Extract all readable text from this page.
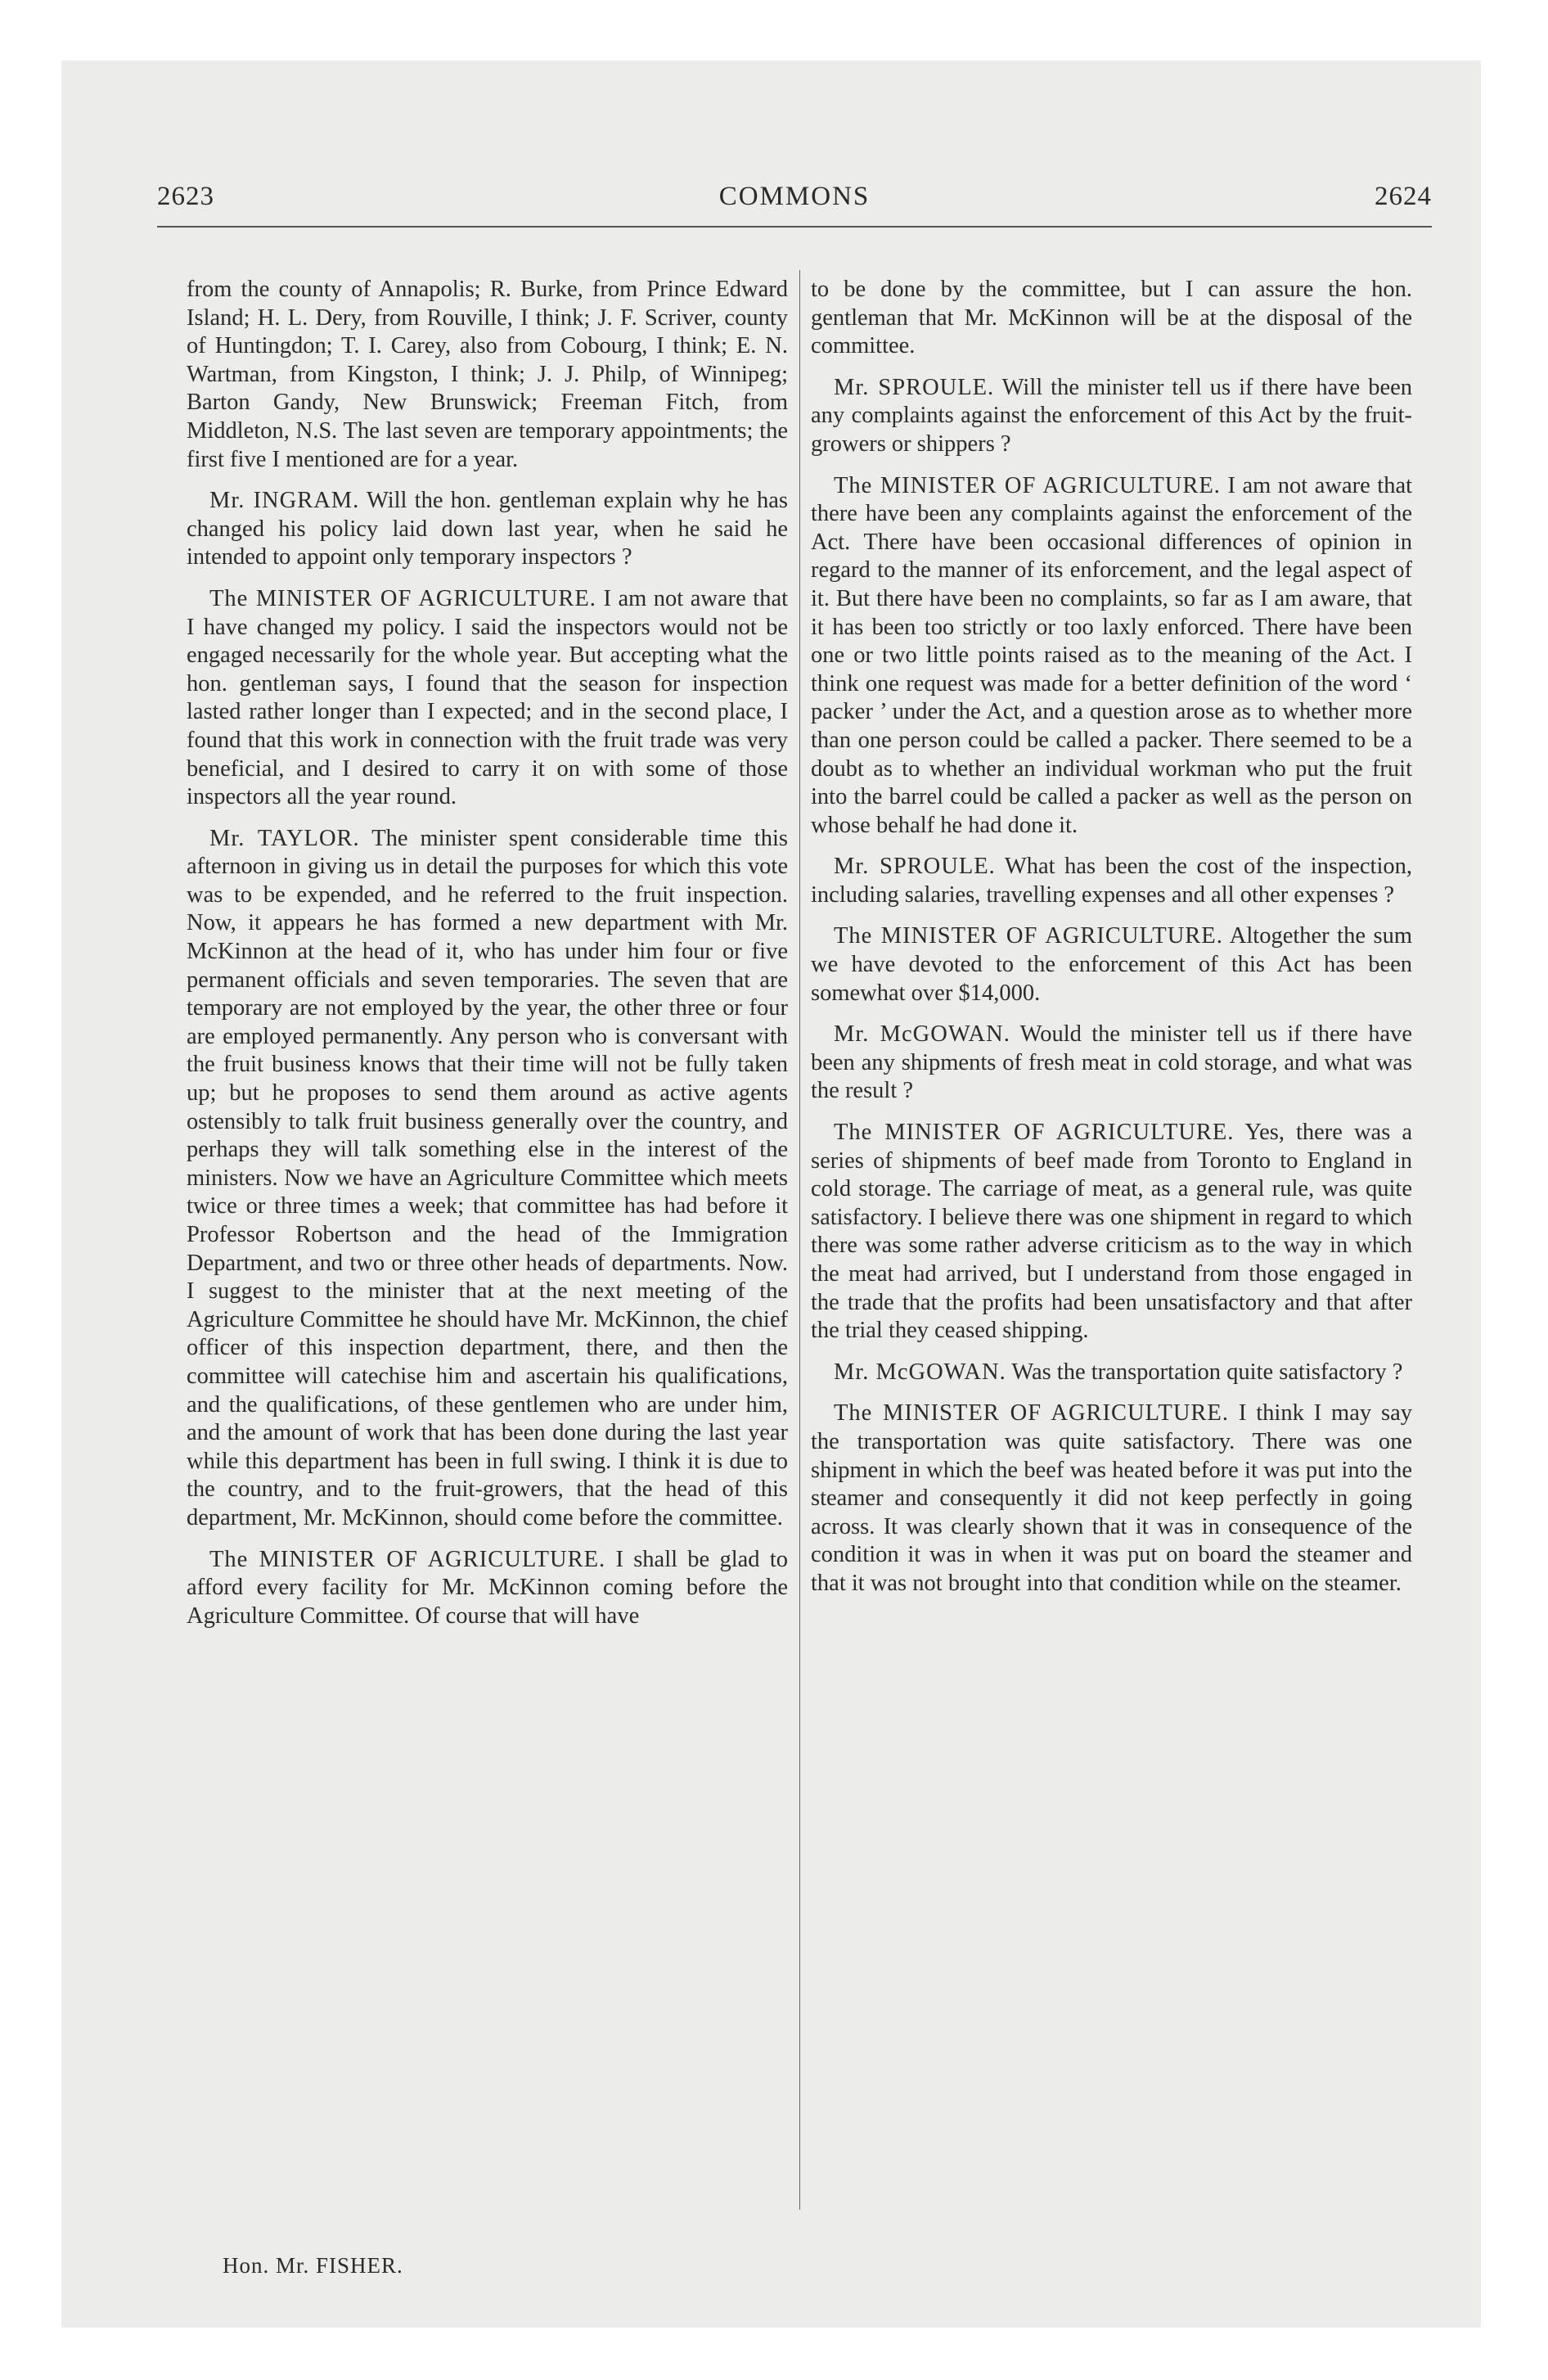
2623	COMMONS	2624

from the county of Annapolis; R. Burke, from Prince Edward Island; H. L. Dery, from Rouville, I think; J. F. Scriver, county of Huntingdon; T. I. Carey, also from Cobourg, I think; E. N. Wartman, from Kingston, I think; J. J. Philp, of Winnipeg; Barton Gandy, New Brunswick; Freeman Fitch, from Middleton, N.S. The last seven are temporary appointments; the first five I mentioned are for a year.

Mr. INGRAM. Will the hon. gentleman explain why he has changed his policy laid down last year, when he said he intended to appoint only temporary inspectors ?

The MINISTER OF AGRICULTURE. I am not aware that I have changed my policy. I said the inspectors would not be engaged necessarily for the whole year. But accepting what the hon. gentleman says, I found that the season for inspection lasted rather longer than I expected; and in the second place, I found that this work in connection with the fruit trade was very beneficial, and I desired to carry it on with some of those inspectors all the year round.

Mr. TAYLOR. The minister spent considerable time this afternoon in giving us in detail the purposes for which this vote was to be expended, and he referred to the fruit inspection. Now, it appears he has formed a new department with Mr. McKinnon at the head of it, who has under him four or five permanent officials and seven temporaries. The seven that are temporary are not employed by the year, the other three or four are employed permanently. Any person who is conversant with the fruit business knows that their time will not be fully taken up; but he proposes to send them around as active agents ostensibly to talk fruit business generally over the country, and perhaps they will talk something else in the interest of the ministers. Now we have an Agriculture Committee which meets twice or three times a week; that committee has had before it Professor Robertson and the head of the Immigration Department, and two or three other heads of departments. Now. I suggest to the minister that at the next meeting of the Agriculture Committee he should have Mr. McKinnon, the chief officer of this inspection department, there, and then the committee will catechise him and ascertain his qualifications, and the qualifications, of these gentlemen who are under him, and the amount of work that has been done during the last year while this department has been in full swing. I think it is due to the country, and to the fruit-growers, that the head of this department, Mr. McKinnon, should come before the committee.

The MINISTER OF AGRICULTURE. I shall be glad to afford every facility for Mr. McKinnon coming before the Agriculture Committee. Of course that will have

to be done by the committee, but I can assure the hon. gentleman that Mr. McKinnon will be at the disposal of the committee.

Mr. SPROULE. Will the minister tell us if there have been any complaints against the enforcement of this Act by the fruit-growers or shippers ?

The MINISTER OF AGRICULTURE. I am not aware that there have been any complaints against the enforcement of the Act. There have been occasional differences of opinion in regard to the manner of its enforcement, and the legal aspect of it. But there have been no complaints, so far as I am aware, that it has been too strictly or too laxly enforced. There have been one or two little points raised as to the meaning of the Act. I think one request was made for a better definition of the word ‘ packer ’ under the Act, and a question arose as to whether more than one person could be called a packer. There seemed to be a doubt as to whether an individual workman who put the fruit into the barrel could be called a packer as well as the person on whose behalf he had done it.

Mr. SPROULE. What has been the cost of the inspection, including salaries, travelling expenses and all other expenses ?

The MINISTER OF AGRICULTURE. Altogether the sum we have devoted to the enforcement of this Act has been somewhat over $14,000.

Mr. McGOWAN. Would the minister tell us if there have been any shipments of fresh meat in cold storage, and what was the result ?

The MINISTER OF AGRICULTURE. Yes, there was a series of shipments of beef made from Toronto to England in cold storage. The carriage of meat, as a general rule, was quite satisfactory. I believe there was one shipment in regard to which there was some rather adverse criticism as to the way in which the meat had arrived, but I understand from those engaged in the trade that the profits had been unsatisfactory and that after the trial they ceased shipping.

Mr. McGOWAN. Was the transportation quite satisfactory ?

The MINISTER OF AGRICULTURE. I think I may say the transportation was quite satisfactory. There was one shipment in which the beef was heated before it was put into the steamer and consequently it did not keep perfectly in going across. It was clearly shown that it was in consequence of the condition it was in when it was put on board the steamer and that it was not brought into that condition while on the steamer.

Hon. Mr. FISHER.
